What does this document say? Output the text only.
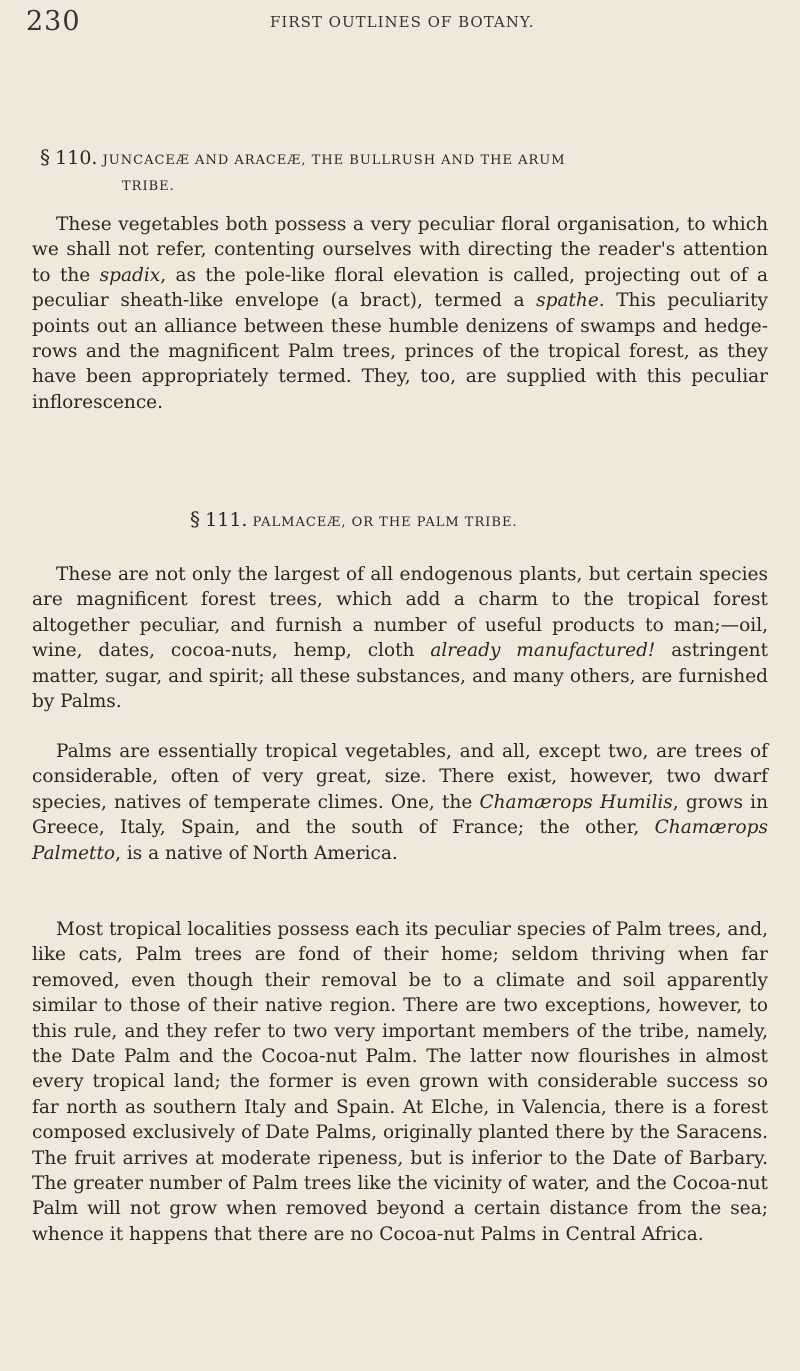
230	FIRST OUTLINES OF BOTANY.
§ 110. JUNCACEÆ AND ARACEÆ, THE BULLRUSH AND THE ARUM
TRIBE.

These vegetables both possess a very peculiar floral organisation, to which we shall not refer, contenting ourselves with directing the reader's attention to the spadix, as the pole-like floral elevation is called, projecting out of a peculiar sheath-like envelope (a bract), termed a spathe. This peculiarity points out an alliance between these humble denizens of swamps and hedge-rows and the magnificent Palm trees, princes of the tropical forest, as they have been appropriately termed. They, too, are supplied with this peculiar inflorescence.

§ 111. PALMACEÆ, OR THE PALM TRIBE.

These are not only the largest of all endogenous plants, but certain species are magnificent forest trees, which add a charm to the tropical forest altogether peculiar, and furnish a number of useful products to man;—oil, wine, dates, cocoa-nuts, hemp, cloth already manufactured! astringent matter, sugar, and spirit; all these substances, and many others, are furnished by Palms.

Palms are essentially tropical vegetables, and all, except two, are trees of considerable, often of very great, size. There exist, however, two dwarf species, natives of temperate climes. One, the Chamærops Humilis, grows in Greece, Italy, Spain, and the south of France; the other, Chamærops Palmetto, is a native of North America.

Most tropical localities possess each its peculiar species of Palm trees, and, like cats, Palm trees are fond of their home; seldom thriving when far removed, even though their removal be to a climate and soil apparently similar to those of their native region. There are two exceptions, however, to this rule, and they refer to two very important members of the tribe, namely, the Date Palm and the Cocoa-nut Palm. The latter now flourishes in almost every tropical land; the former is even grown with considerable success so far north as southern Italy and Spain. At Elche, in Valencia, there is a forest composed exclusively of Date Palms, originally planted there by the Saracens. The fruit arrives at moderate ripeness, but is inferior to the Date of Barbary. The greater number of Palm trees like the vicinity of water, and the Cocoa-nut Palm will not grow when removed beyond a certain distance from the sea; whence it happens that there are no Cocoa-nut Palms in Central Africa.
